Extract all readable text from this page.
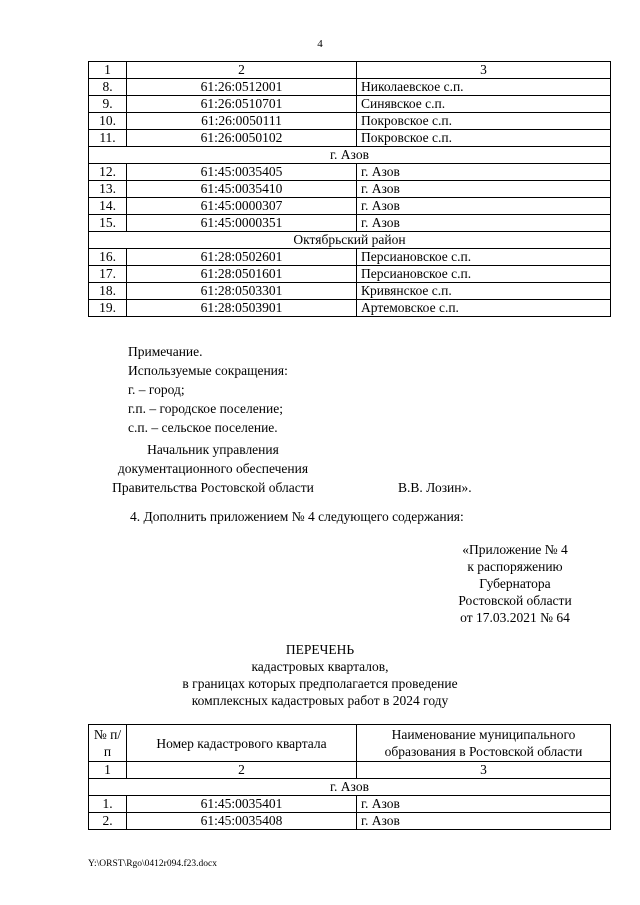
4
1	2	3
8.	61:26:0512001	Николаевское с.п.
9.	61:26:0510701	Синявское с.п.
10.	61:26:0050111	Покровское с.п.
11.	61:26:0050102	Покровское с.п.
г. Азов		
12.	61:45:0035405	г. Азов
13.	61:45:0035410	г. Азов
14.	61:45:0000307	г. Азов
15.	61:45:0000351	г. Азов
Октябрьский район		
16.	61:28:0502601	Персиановское с.п.
17.	61:28:0501601	Персиановское с.п.
18.	61:28:0503301	Кривянское с.п.
19.	61:28:0503901	Артемовское с.п.
Примечание.
Используемые сокращения:
г. – город;
г.п. – городское поселение;
с.п. – сельское поселение.
Начальник управления
документационного обеспечения
Правительства Ростовской области	В.В. Лозин».
4. Дополнить приложением № 4 следующего содержания:
«Приложение № 4
к распоряжению
Губернатора
Ростовской области
от 17.03.2021 № 64
ПЕРЕЧЕНЬ
кадастровых кварталов,
в границах которых предполагается проведение
комплексных кадастровых работ в 2024 году
№ п/п	Номер кадастрового квартала	Наименование муниципального образования в Ростовской области
1	2	3
г. Азов		
1.	61:45:0035401	г. Азов
2.	61:45:0035408	г. Азов
Y:\ORST\Rgo\0412r094.f23.docx
